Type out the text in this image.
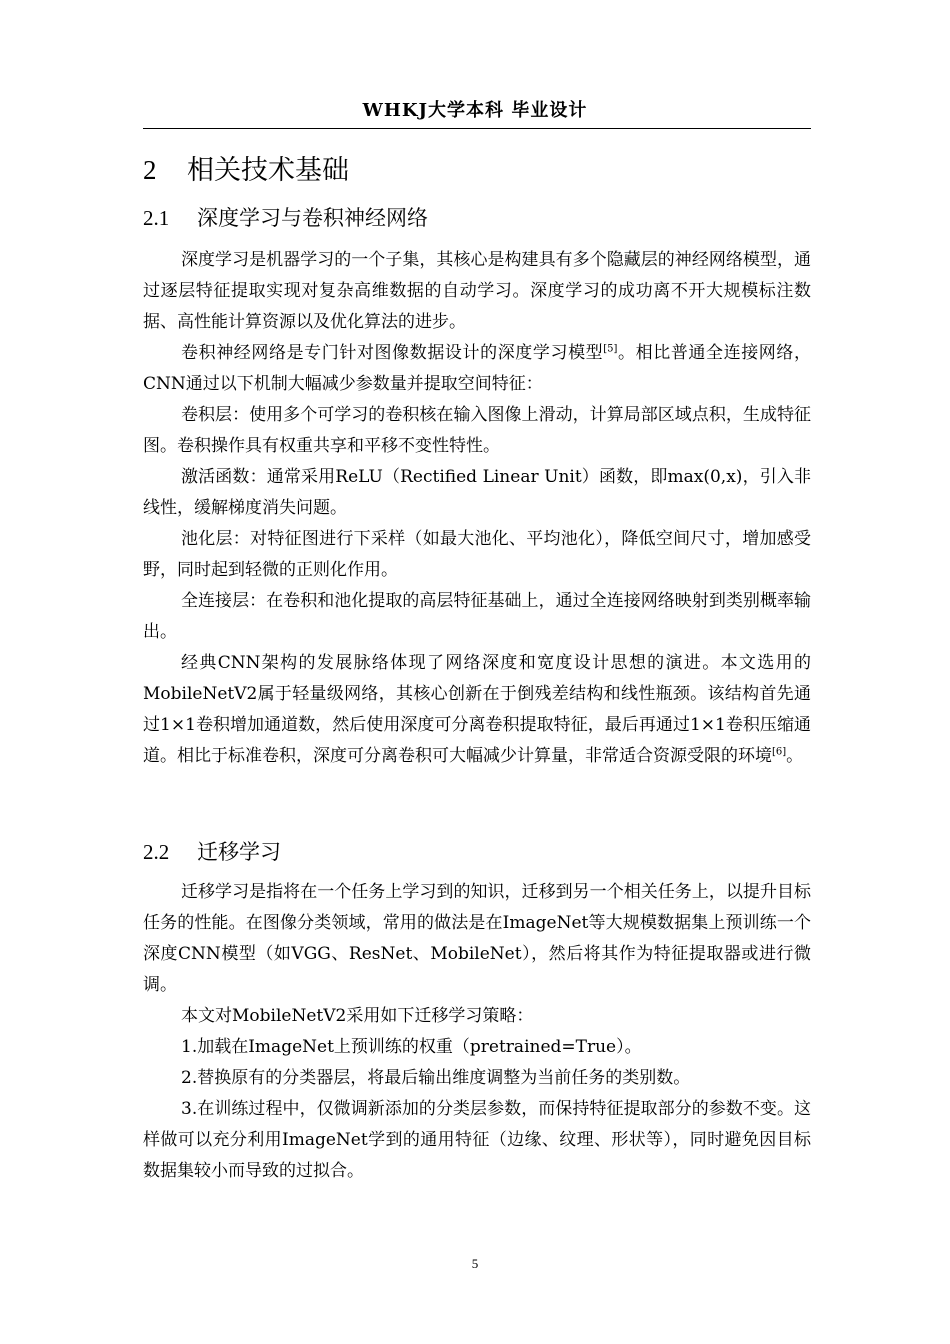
WHKJ大学本科 毕业设计
2 相关技术基础
2.1 深度学习与卷积神经网络

深度学习是机器学习的一个子集，其核心是构建具有多个隐藏层的神经网络模型，通过逐层特征提取实现对复杂高维数据的自动学习。深度学习的成功离不开大规模标注数据、高性能计算资源以及优化算法的进步。

卷积神经网络是专门针对图像数据设计的深度学习模型[5]。相比普通全连接网络，CNN通过以下机制大幅减少参数量并提取空间特征：

卷积层：使用多个可学习的卷积核在输入图像上滑动，计算局部区域点积，生成特征图。卷积操作具有权重共享和平移不变性特性。

激活函数：通常采用ReLU（Rectified Linear Unit）函数，即max(0,x)，引入非线性，缓解梯度消失问题。

池化层：对特征图进行下采样（如最大池化、平均池化），降低空间尺寸，增加感受野，同时起到轻微的正则化作用。

全连接层：在卷积和池化提取的高层特征基础上，通过全连接网络映射到类别概率输出。

经典CNN架构的发展脉络体现了网络深度和宽度设计思想的演进。本文选用的MobileNetV2属于轻量级网络，其核心创新在于倒残差结构和线性瓶颈。该结构首先通过1×1卷积增加通道数，然后使用深度可分离卷积提取特征，最后再通过1×1卷积压缩通道。相比于标准卷积，深度可分离卷积可大幅减少计算量，非常适合资源受限的环境[6]。

2.2 迁移学习

迁移学习是指将在一个任务上学习到的知识，迁移到另一个相关任务上，以提升目标任务的性能。在图像分类领域，常用的做法是在ImageNet等大规模数据集上预训练一个深度CNN模型（如VGG、ResNet、MobileNet），然后将其作为特征提取器或进行微调。

本文对MobileNetV2采用如下迁移学习策略：

1.加载在ImageNet上预训练的权重（pretrained=True）。

2.替换原有的分类器层，将最后输出维度调整为当前任务的类别数。

3.在训练过程中，仅微调新添加的分类层参数，而保持特征提取部分的参数不变。这样做可以充分利用ImageNet学到的通用特征（边缘、纹理、形状等），同时避免因目标数据集较小而导致的过拟合。

5
